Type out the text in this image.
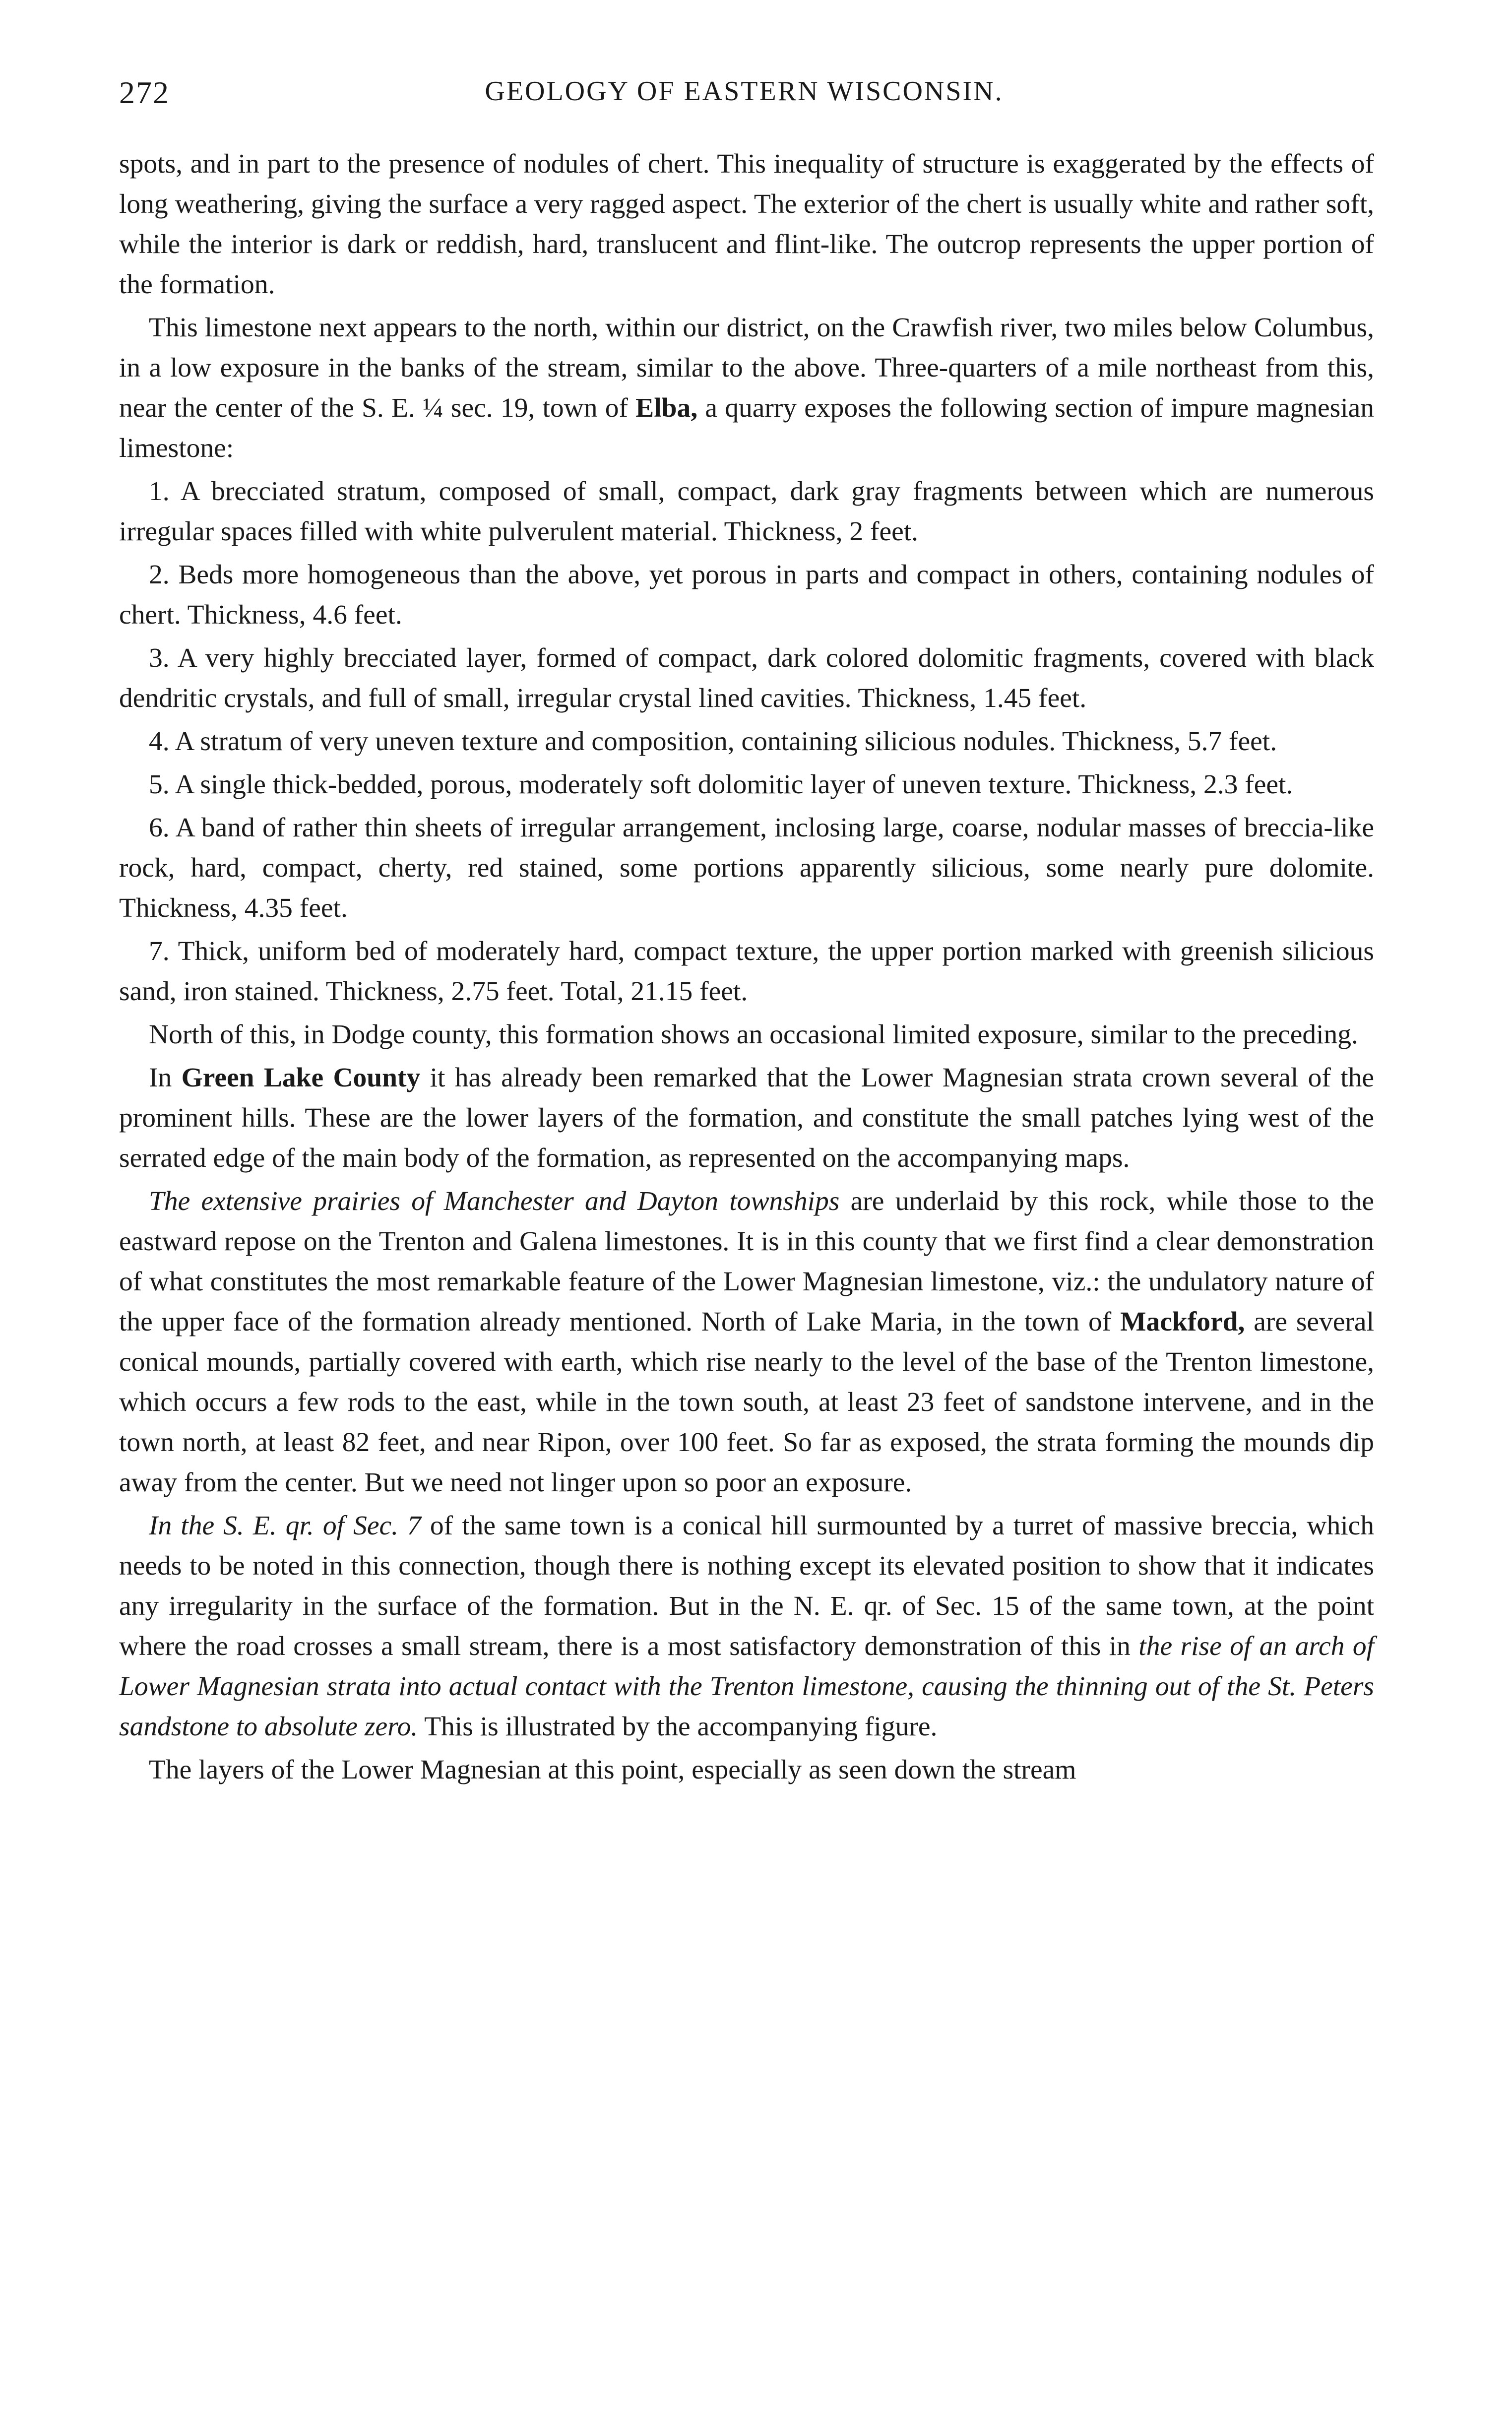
272	GEOLOGY OF EASTERN WISCONSIN.

spots, and in part to the presence of nodules of chert. This inequality of structure is exaggerated by the effects of long weathering, giving the surface a very ragged aspect. The exterior of the chert is usually white and rather soft, while the interior is dark or reddish, hard, translucent and flint-like. The outcrop represents the upper portion of the formation.

This limestone next appears to the north, within our district, on the Crawfish river, two miles below Columbus, in a low exposure in the banks of the stream, similar to the above. Three-quarters of a mile northeast from this, near the center of the S. E. ¼ sec. 19, town of Elba, a quarry exposes the following section of impure magnesian limestone:

1. A brecciated stratum, composed of small, compact, dark gray fragments between which are numerous irregular spaces filled with white pulverulent material. Thickness, 2 feet.

2. Beds more homogeneous than the above, yet porous in parts and compact in others, containing nodules of chert. Thickness, 4.6 feet.

3. A very highly brecciated layer, formed of compact, dark colored dolomitic fragments, covered with black dendritic crystals, and full of small, irregular crystal lined cavities. Thickness, 1.45 feet.

4. A stratum of very uneven texture and composition, containing silicious nodules. Thickness, 5.7 feet.

5. A single thick-bedded, porous, moderately soft dolomitic layer of uneven texture. Thickness, 2.3 feet.

6. A band of rather thin sheets of irregular arrangement, inclosing large, coarse, nodular masses of breccia-like rock, hard, compact, cherty, red stained, some portions apparently silicious, some nearly pure dolomite. Thickness, 4.35 feet.

7. Thick, uniform bed of moderately hard, compact texture, the upper portion marked with greenish silicious sand, iron stained. Thickness, 2.75 feet. Total, 21.15 feet.

North of this, in Dodge county, this formation shows an occasional limited exposure, similar to the preceding.

In Green Lake County it has already been remarked that the Lower Magnesian strata crown several of the prominent hills. These are the lower layers of the formation, and constitute the small patches lying west of the serrated edge of the main body of the formation, as represented on the accompanying maps.

The extensive prairies of Manchester and Dayton townships are underlaid by this rock, while those to the eastward repose on the Trenton and Galena limestones. It is in this county that we first find a clear demonstration of what constitutes the most remarkable feature of the Lower Magnesian limestone, viz.: the undulatory nature of the upper face of the formation already mentioned. North of Lake Maria, in the town of Mackford, are several conical mounds, partially covered with earth, which rise nearly to the level of the base of the Trenton limestone, which occurs a few rods to the east, while in the town south, at least 23 feet of sandstone intervene, and in the town north, at least 82 feet, and near Ripon, over 100 feet. So far as exposed, the strata forming the mounds dip away from the center. But we need not linger upon so poor an exposure.

In the S. E. qr. of Sec. 7 of the same town is a conical hill surmounted by a turret of massive breccia, which needs to be noted in this connection, though there is nothing except its elevated position to show that it indicates any irregularity in the surface of the formation. But in the N. E. qr. of Sec. 15 of the same town, at the point where the road crosses a small stream, there is a most satisfactory demonstration of this in the rise of an arch of Lower Magnesian strata into actual contact with the Trenton limestone, causing the thinning out of the St. Peters sandstone to absolute zero. This is illustrated by the accompanying figure.

The layers of the Lower Magnesian at this point, especially as seen down the stream
